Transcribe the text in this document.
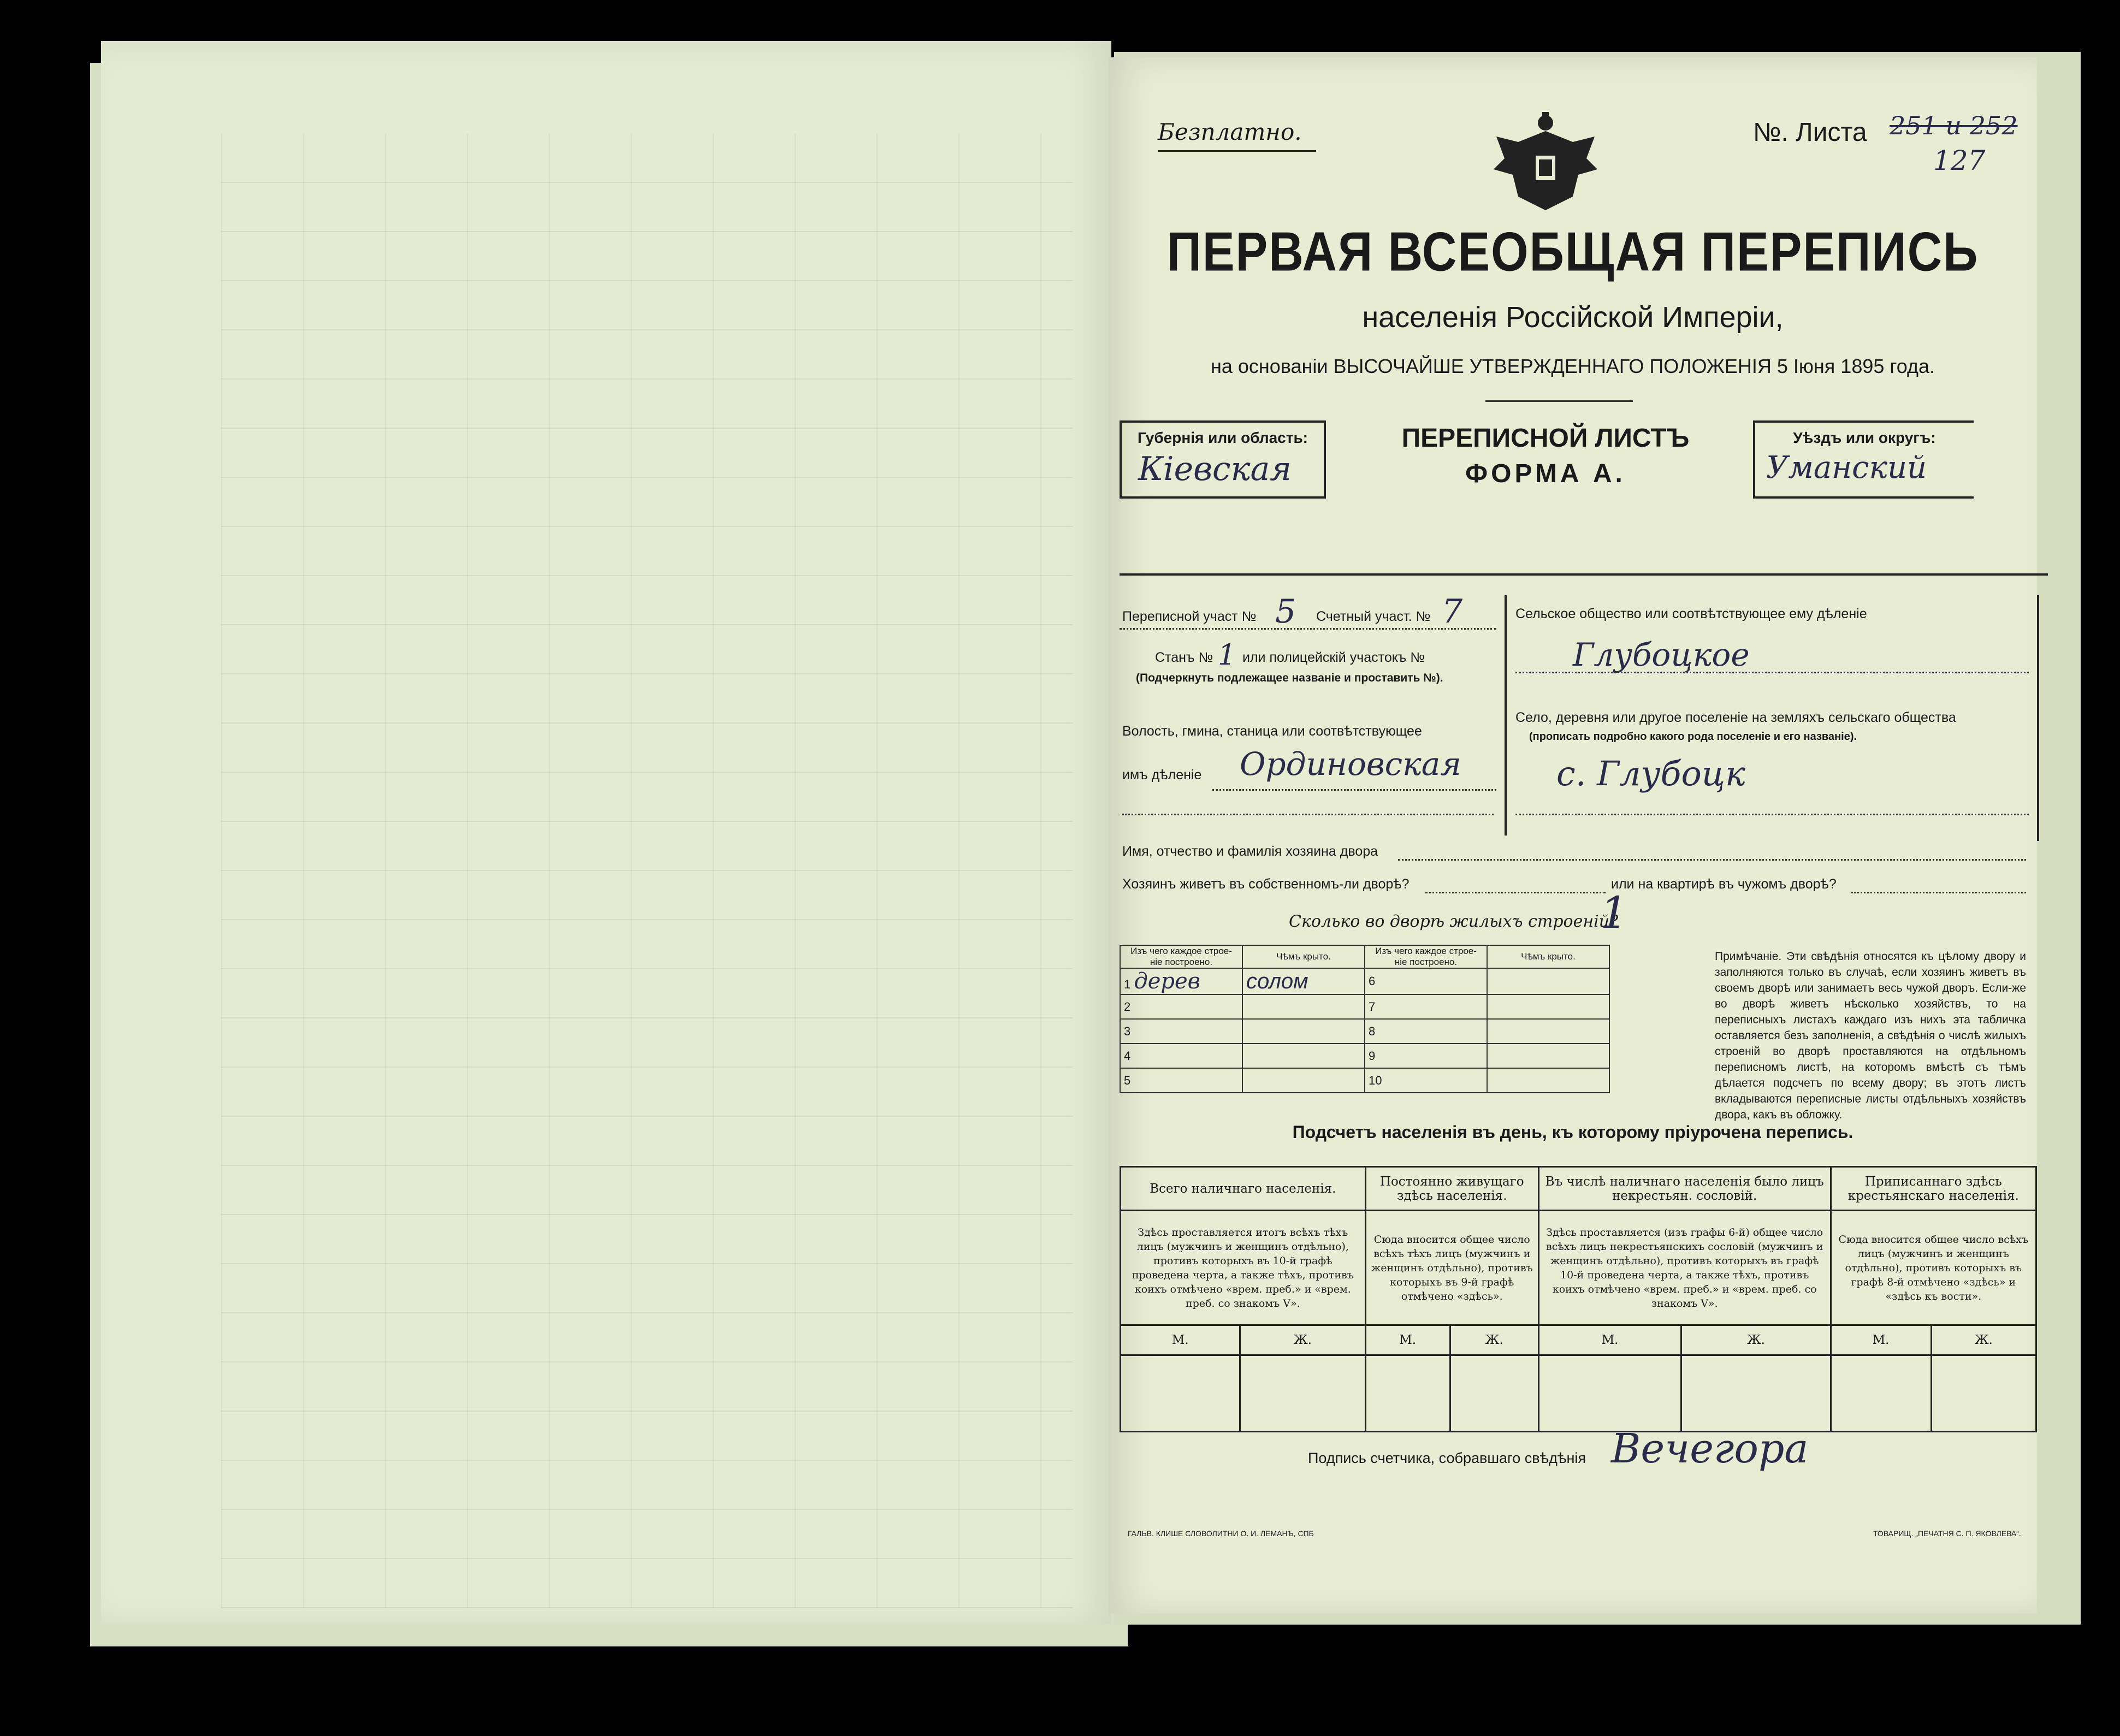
Безплатно.	№. Листа 251 и 252
127
ПЕРВАЯ ВСЕОБЩАЯ ПЕРЕПИСЬ
населенія Россійской Имперіи,
на основаніи ВЫСОЧАЙШЕ УТВЕРЖДЕННАГО ПОЛОЖЕНІЯ 5 Іюня 1895 года.
Губернія или область:
Кіевская
ПЕРЕПИСНОЙ ЛИСТЪ
ФОРМА А.
Уѣздъ или округъ:
Уманский
Переписной участ № 5 Счетный участ. № 7
Станъ № 1 или полицейскій участокъ №
(Подчеркнуть подлежащее названіе и проставить №).
Волость, гмина, станица или соотвѣтствующее
имъ дѣленіе Ординовская
Сельское общество или соотвѣтствующее ему дѣленіе
Глубоцкое
Село, деревня или другое поселеніе на земляхъ сельскаго общества
(прописать подробно какого рода поселеніе и его названіе).
с. Глубоцк
Имя, отчество и фамилія хозяина двора
Хозяинъ живетъ въ собственномъ-ли дворѣ?	или на квартирѣ въ чужомъ дворѣ?
Сколько во дворѣ жилыхъ строеній?
1
Изъ чего каждое строе- ніе построено.	Чѣмъ крыто.	Изъ чего каждое строе- ніе построено.	Чѣмъ крыто.
1 дерев	солом	6	
2		7	
3		8	
4		9	
5		10	
Примѣчаніе. Эти свѣдѣнія относятся къ цѣлому двору и заполняются только въ случаѣ, если хозяинъ живетъ въ своемъ дворѣ или занимаетъ весь чужой дворъ. Если-же во дворѣ живетъ нѣсколько хозяйствъ, то на переписныхъ листахъ каждаго изъ нихъ эта табличка оставляется безъ заполненія, а свѣдѣнія о числѣ жилыхъ строеній во дворѣ проставляются на отдѣльномъ переписномъ листѣ, на которомъ вмѣстѣ съ тѣмъ дѣлается подсчетъ по всему двору; въ этотъ листъ вкладываются переписные листы отдѣльныхъ хозяйствъ двора, какъ въ обложку.
Подсчетъ населенія въ день, къ которому пріурочена перепись.
Всего наличнаго населенія.		Постоянно живущаго здѣсь населенія.		Въ числѣ наличнаго населенія было лицъ некрестьян. сословій.		Приписаннаго здѣсь крестьянскаго населенія.	
Здѣсь проставляется итогъ всѣхъ тѣхъ лицъ (мужчинъ и женщинъ отдѣльно), противъ которыхъ въ 10-й графѣ проведена черта, а также тѣхъ, противъ коихъ отмѣчено «врем. преб.» и «врем. преб. со знакомъ V».		Сюда вносится общее число всѣхъ тѣхъ лицъ (мужчинъ и женщинъ отдѣльно), противъ которыхъ въ 9-й графѣ отмѣчено «здѣсь».		Здѣсь проставляется (изъ графы 6-й) общее число всѣхъ лицъ некрестьянскихъ сословій (мужчинъ и женщинъ отдѣльно), противъ которыхъ въ графѣ 10-й проведена черта, а также тѣхъ, противъ коихъ отмѣчено «врем. преб.» и «врем. преб. со знакомъ V».		Сюда вносится общее число всѣхъ лицъ (мужчинъ и женщинъ отдѣльно), противъ которыхъ въ графѣ 8-й отмѣчено «здѣсь» и «здѣсь къ воcти».	
М.	Ж.	М.	Ж.	М.	Ж.	М.	Ж.

Подпись счетчика, собравшаго свѣдѣнія Вечегора
ГАЛЬВ. КЛИШЕ СЛОВОЛИТНИ О. И. ЛЕМАНЪ, СПБ	ТОВАРИЩ. „ПЕЧАТНЯ С. П. ЯКОВЛЕВА“.
